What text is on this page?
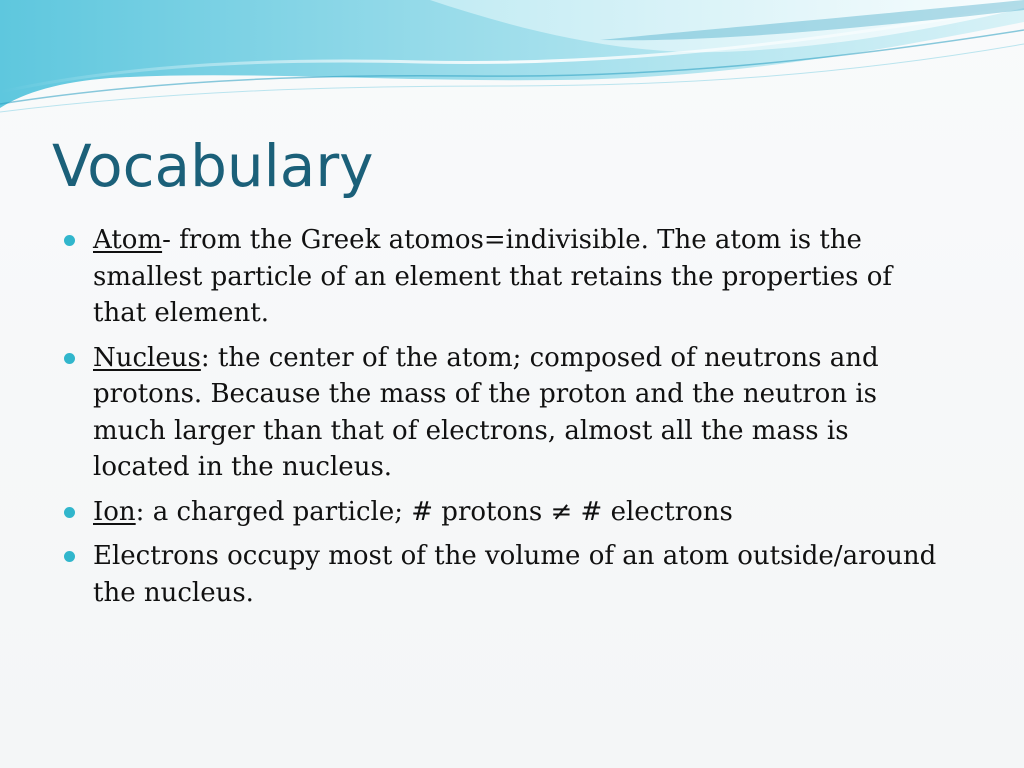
Vocabulary
Atom- from the Greek atomos=indivisible. The atom is the smallest particle of an element that retains the properties of that element.
Nucleus: the center of the atom; composed of neutrons and protons. Because the mass of the proton and the neutron is much larger than that of electrons, almost all the mass is located in the nucleus.
Ion: a charged particle; # protons ≠ # electrons
Electrons occupy most of the volume of an atom outside/around the nucleus.
